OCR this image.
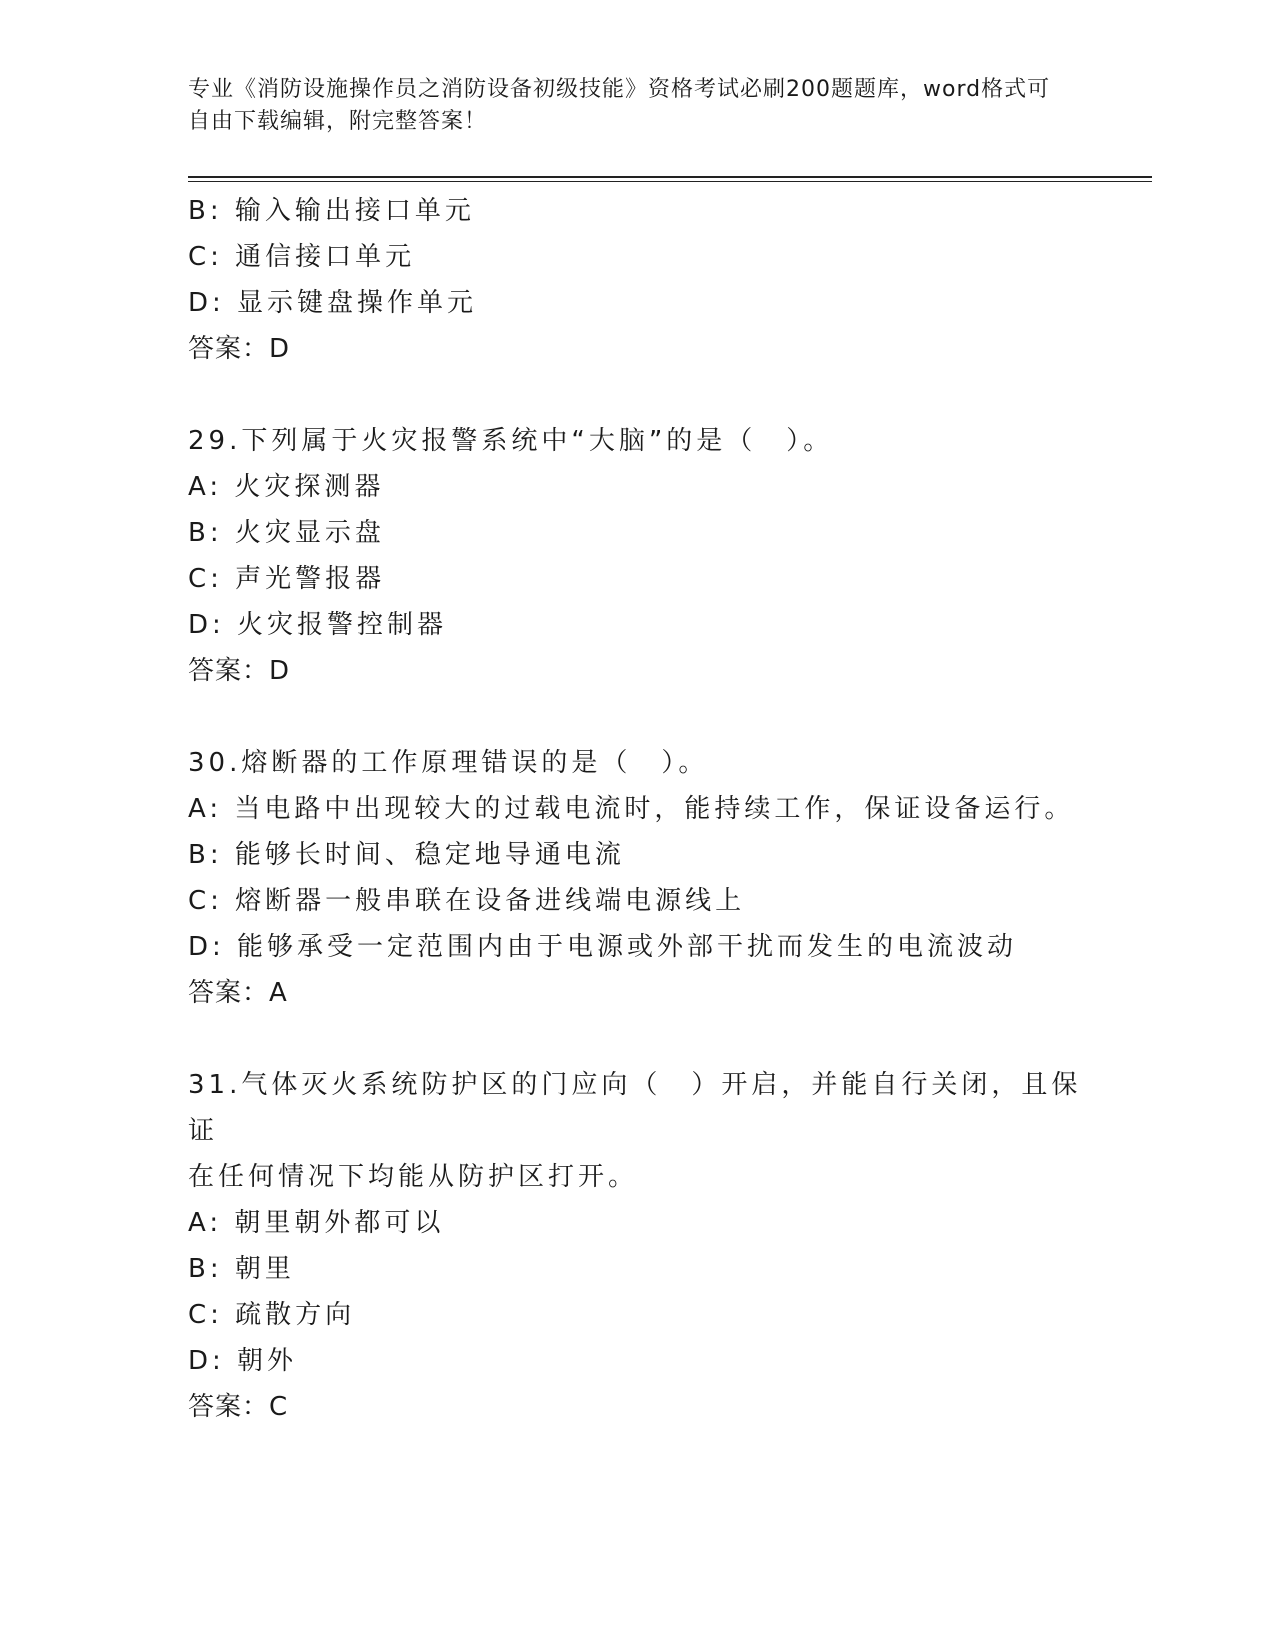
专业《消防设施操作员之消防设备初级技能》资格考试必刷200题题库，word格式可自由下载编辑，附完整答案！
B: 输入输出接口单元
C: 通信接口单元
D: 显示键盘操作单元
答案：D
29.下列属于火灾报警系统中“大脑”的是（　）。
A: 火灾探测器
B: 火灾显示盘
C: 声光警报器
D: 火灾报警控制器
答案：D
30.熔断器的工作原理错误的是（　）。
A: 当电路中出现较大的过载电流时，能持续工作，保证设备运行。
B: 能够长时间、稳定地导通电流
C: 熔断器一般串联在设备进线端电源线上
D: 能够承受一定范围内由于电源或外部干扰而发生的电流波动
答案：A
31.气体灭火系统防护区的门应向（　）开启，并能自行关闭，且保证
在任何情况下均能从防护区打开。
A: 朝里朝外都可以
B: 朝里
C: 疏散方向
D: 朝外
答案：C
